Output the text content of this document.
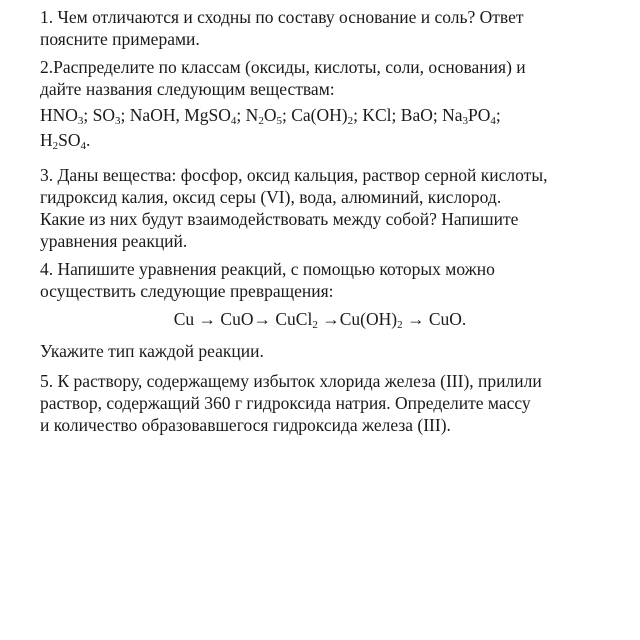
1. Чем отличаются и сходны по составу основание и соль? Ответ
поясните примерами.

2.Распределите по классам (оксиды, кислоты, соли, основания) и
дайте названия следующим веществам:

$HNO_3$; $SO_3$; NaOH, MgSO$_4$; $N_2O_5$; $Ca(OH)_2$; KCl; BaO; $Na_3PO_4$;

$H_2SO_4$.

3. Даны вещества: фосфор, оксид кальция, раствор серной кислоты,
гидроксид калия, оксид серы (VI), вода, алюминий, кислород.
Какие из них будут взаимодействовать между собой? Напишите
уравнения реакций.

4. Напишите уравнения реакций, с помощью которых можно
осуществить следующие превращения:

Cu → CuO→ CuCl$_2$ $\to Cu(OH)_2$ → CuO.

Укажите тип каждой реакции.

5. К раствору, содержащему избыток хлорида железа (III), прилили
раствор, содержащий 360 г гидроксида натрия. Определите массу
и количество образовавшегося гидроксида железа (III).
